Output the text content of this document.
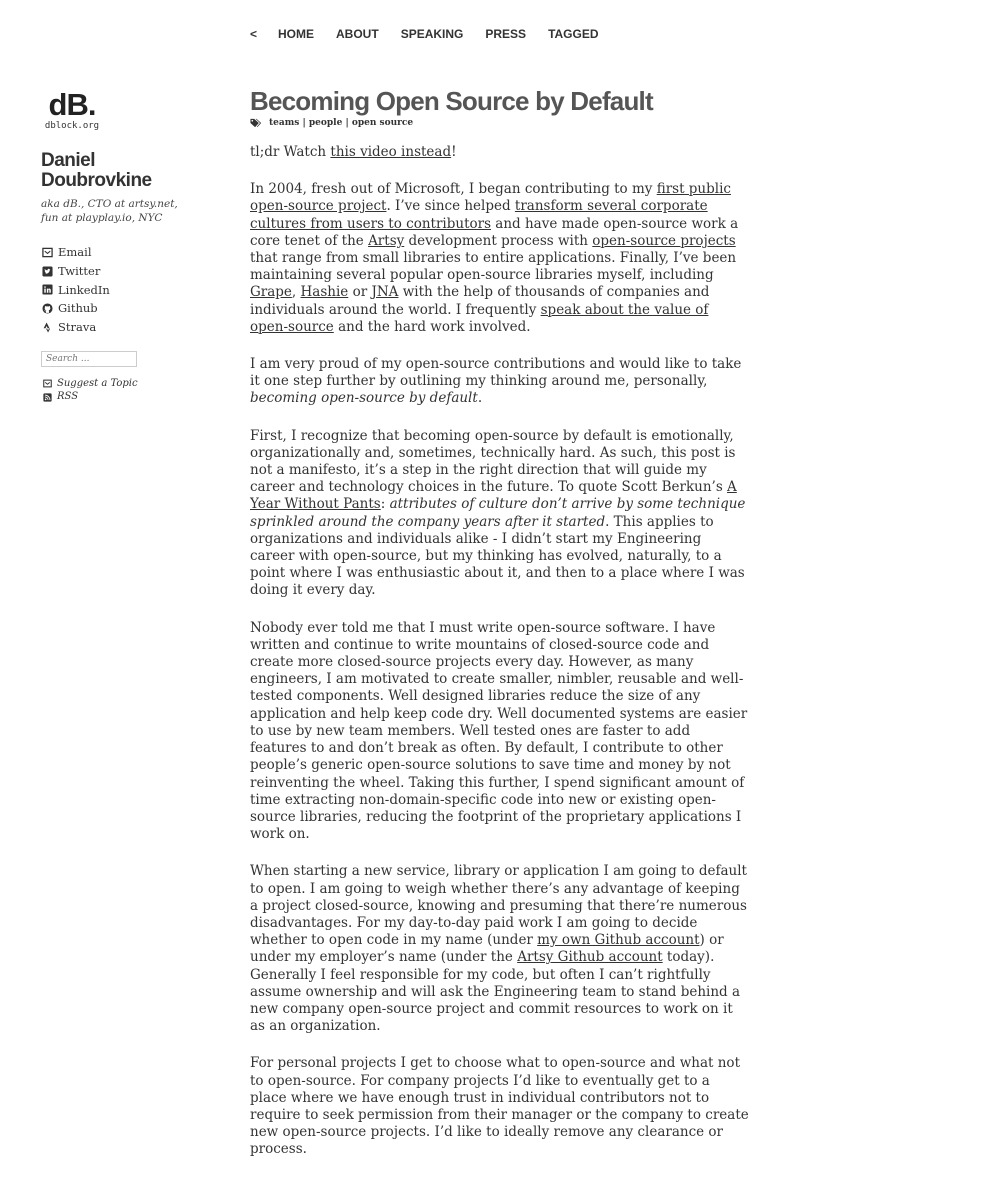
< HOME ABOUT SPEAKING PRESS TAGGED
dB.
dblock.org
Daniel Doubrovkine
aka dB., CTO at artsy.net, fun at playplay.io, NYC
Email
Twitter
LinkedIn
Github
Strava
Search ...
Suggest a Topic
RSS
Becoming Open Source by Default
teams | people | open source

tl;dr Watch this video instead!

In 2004, fresh out of Microsoft, I began contributing to my first public open-source project. I’ve since helped transform several corporate cultures from users to contributors and have made open-source work a core tenet of the Artsy development process with open-source projects that range from small libraries to entire applications. Finally, I’ve been maintaining several popular open-source libraries myself, including Grape, Hashie or JNA with the help of thousands of companies and individuals around the world. I frequently speak about the value of open-source and the hard work involved.

I am very proud of my open-source contributions and would like to take it one step further by outlining my thinking around me, personally, becoming open-source by default.

First, I recognize that becoming open-source by default is emotionally, organizationally and, sometimes, technically hard. As such, this post is not a manifesto, it’s a step in the right direction that will guide my career and technology choices in the future. To quote Scott Berkun’s A Year Without Pants: attributes of culture don’t arrive by some technique sprinkled around the company years after it started. This applies to organizations and individuals alike - I didn’t start my Engineering career with open-source, but my thinking has evolved, naturally, to a point where I was enthusiastic about it, and then to a place where I was doing it every day.

Nobody ever told me that I must write open-source software. I have written and continue to write mountains of closed-source code and create more closed-source projects every day. However, as many engineers, I am motivated to create smaller, nimbler, reusable and well-tested components. Well designed libraries reduce the size of any application and help keep code dry. Well documented systems are easier to use by new team members. Well tested ones are faster to add features to and don’t break as often. By default, I contribute to other people’s generic open-source solutions to save time and money by not reinventing the wheel. Taking this further, I spend significant amount of time extracting non-domain-specific code into new or existing open-source libraries, reducing the footprint of the proprietary applications I work on.

When starting a new service, library or application I am going to default to open. I am going to weigh whether there’s any advantage of keeping a project closed-source, knowing and presuming that there’re numerous disadvantages. For my day-to-day paid work I am going to decide whether to open code in my name (under my own Github account) or under my employer’s name (under the Artsy Github account today). Generally I feel responsible for my code, but often I can’t rightfully assume ownership and will ask the Engineering team to stand behind a new company open-source project and commit resources to work on it as an organization.

For personal projects I get to choose what to open-source and what not to open-source. For company projects I’d like to eventually get to a place where we have enough trust in individual contributors not to require to seek permission from their manager or the company to create new open-source projects. I’d like to ideally remove any clearance or process.
